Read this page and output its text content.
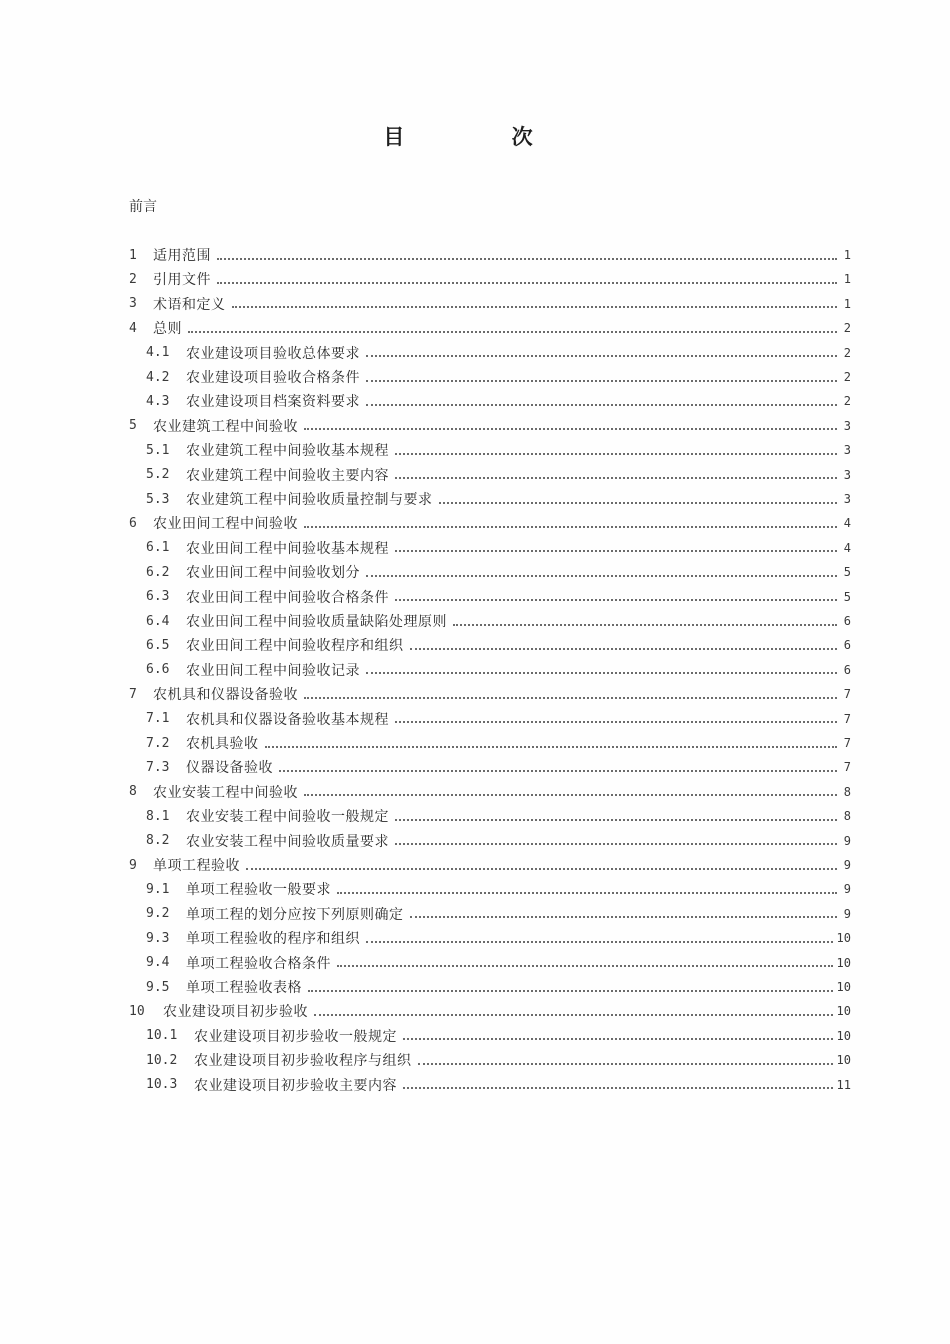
目 次
前言
1 适用范围	1
2 引用文件	1
3 术语和定义	1
4 总则	2
4.1	农业建设项目验收总体要求	2
4.2	农业建设项目验收合格条件	2
4.3	农业建设项目档案资料要求	2
5 农业建筑工程中间验收	3
5.1	农业建筑工程中间验收基本规程	3
5.2	农业建筑工程中间验收主要内容	3
5.3	农业建筑工程中间验收质量控制与要求	3
6 农业田间工程中间验收	4
6.1	农业田间工程中间验收基本规程	4
6.2	农业田间工程中间验收划分	5
6.3	农业田间工程中间验收合格条件	5
6.4	农业田间工程中间验收质量缺陷处理原则	6
6.5	农业田间工程中间验收程序和组织	6
6.6	农业田间工程中间验收记录	6
7 农机具和仪器设备验收	7
7.1	农机具和仪器设备验收基本规程	7
7.2	农机具验收	7
7.3	仪器设备验收	7
8 农业安装工程中间验收	8
8.1	农业安装工程中间验收一般规定	8
8.2	农业安装工程中间验收质量要求	9
9 单项工程验收	9
9.1	单项工程验收一般要求	9
9.2	单项工程的划分应按下列原则确定	9
9.3	单项工程验收的程序和组织	10
9.4	单项工程验收合格条件	10
9.5	单项工程验收表格	10
10	农业建设项目初步验收	10
10.1	农业建设项目初步验收一般规定	10
10.2	农业建设项目初步验收程序与组织	10
10.3	农业建设项目初步验收主要内容	11
